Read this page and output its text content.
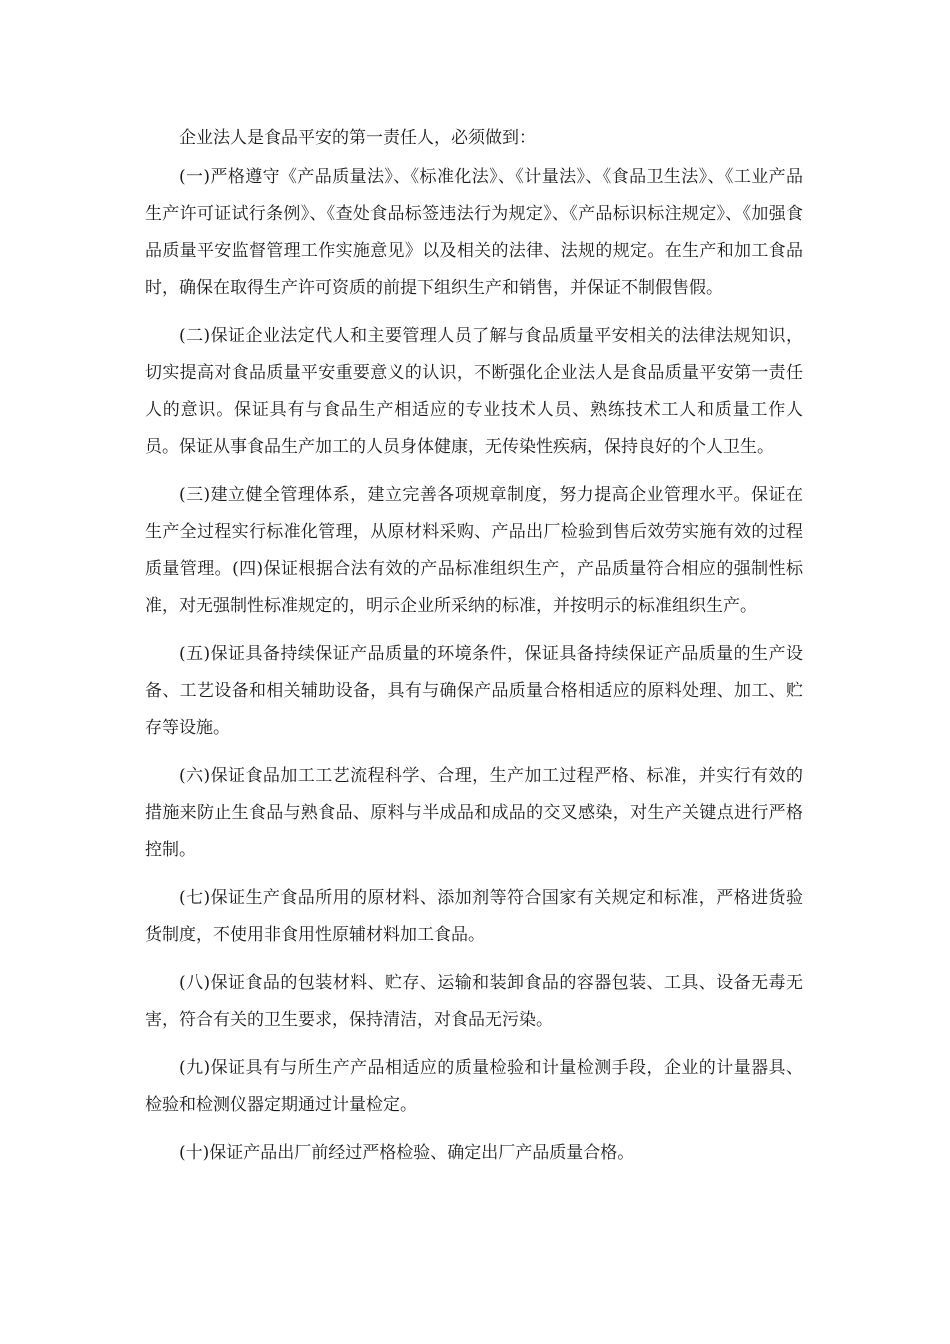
企业法人是食品平安的第一责任人，必须做到：

(一)严格遵守《产品质量法》、《标准化法》、《计量法》、《食品卫生法》、《工业产品生产许可证试行条例》、《查处食品标签违法行为规定》、《产品标识标注规定》、《加强食品质量平安监督管理工作实施意见》以及相关的法律、法规的规定。在生产和加工食品时，确保在取得生产许可资质的前提下组织生产和销售，并保证不制假售假。

(二)保证企业法定代人和主要管理人员了解与食品质量平安相关的法律法规知识，切实提高对食品质量平安重要意义的认识，不断强化企业法人是食品质量平安第一责任人的意识。保证具有与食品生产相适应的专业技术人员、熟练技术工人和质量工作人员。保证从事食品生产加工的人员身体健康，无传染性疾病，保持良好的个人卫生。

(三)建立健全管理体系，建立完善各项规章制度，努力提高企业管理水平。保证在生产全过程实行标准化管理，从原材料采购、产品出厂检验到售后效劳实施有效的过程质量管理。(四)保证根据合法有效的产品标准组织生产，产品质量符合相应的强制性标准，对无强制性标准规定的，明示企业所采纳的标准，并按明示的标准组织生产。

(五)保证具备持续保证产品质量的环境条件，保证具备持续保证产品质量的生产设备、工艺设备和相关辅助设备，具有与确保产品质量合格相适应的原料处理、加工、贮存等设施。

(六)保证食品加工工艺流程科学、合理，生产加工过程严格、标准，并实行有效的措施来防止生食品与熟食品、原料与半成品和成品的交叉感染，对生产关键点进行严格控制。

(七)保证生产食品所用的原材料、添加剂等符合国家有关规定和标准，严格进货验货制度，不使用非食用性原辅材料加工食品。

(八)保证食品的包装材料、贮存、运输和装卸食品的容器包装、工具、设备无毒无害，符合有关的卫生要求，保持清洁，对食品无污染。

(九)保证具有与所生产产品相适应的质量检验和计量检测手段，企业的计量器具、检验和检测仪器定期通过计量检定。

(十)保证产品出厂前经过严格检验、确定出厂产品质量合格。
